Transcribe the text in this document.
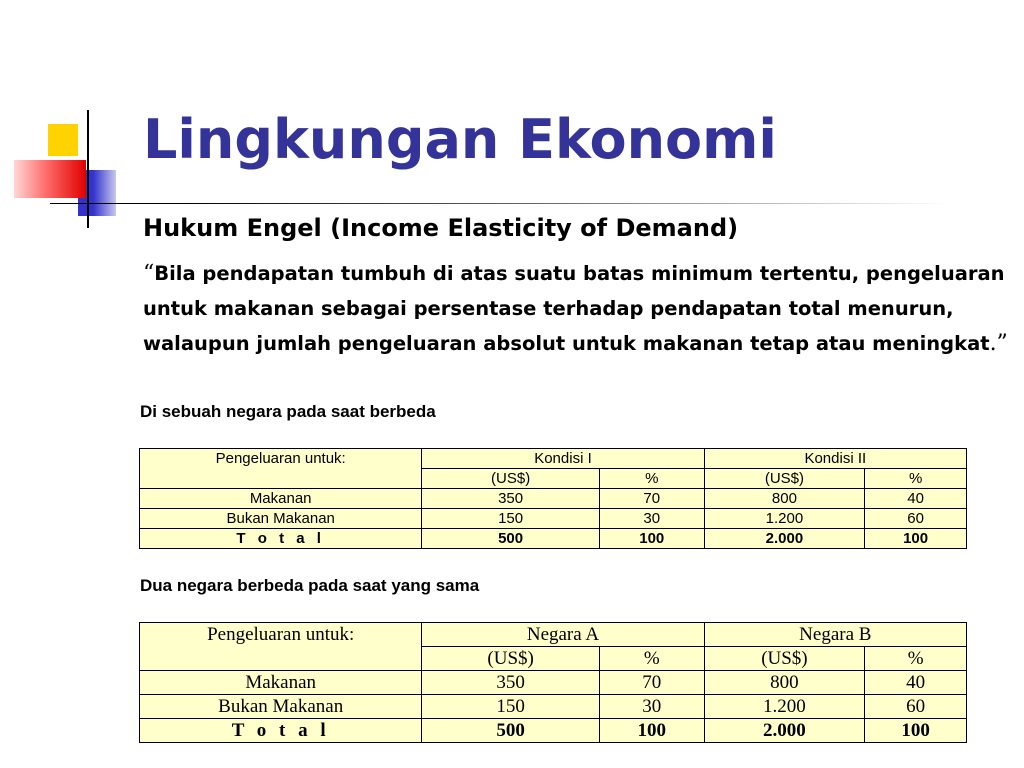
Lingkungan Ekonomi

Hukum Engel (Income Elasticity of Demand)

“Bila pendapatan tumbuh di atas suatu batas minimum tertentu, pengeluaran untuk makanan sebagai persentase terhadap pendapatan total menurun, walaupun jumlah pengeluaran absolut untuk makanan tetap atau meningkat.”

Di sebuah negara pada saat berbeda

Pengeluaran untuk:	Kondisi I		Kondisi II	
	(US$)	%	(US$)	%
Makanan	350	70	800	40
Bukan Makanan	150	30	1.200	60
T o t a l	500	100	2.000	100

Dua negara berbeda pada saat yang sama

Pengeluaran untuk:	Negara A		Negara B	
	(US$)	%	(US$)	%
Makanan	350	70	800	40
Bukan Makanan	150	30	1.200	60
T o t a l	500	100	2.000	100
